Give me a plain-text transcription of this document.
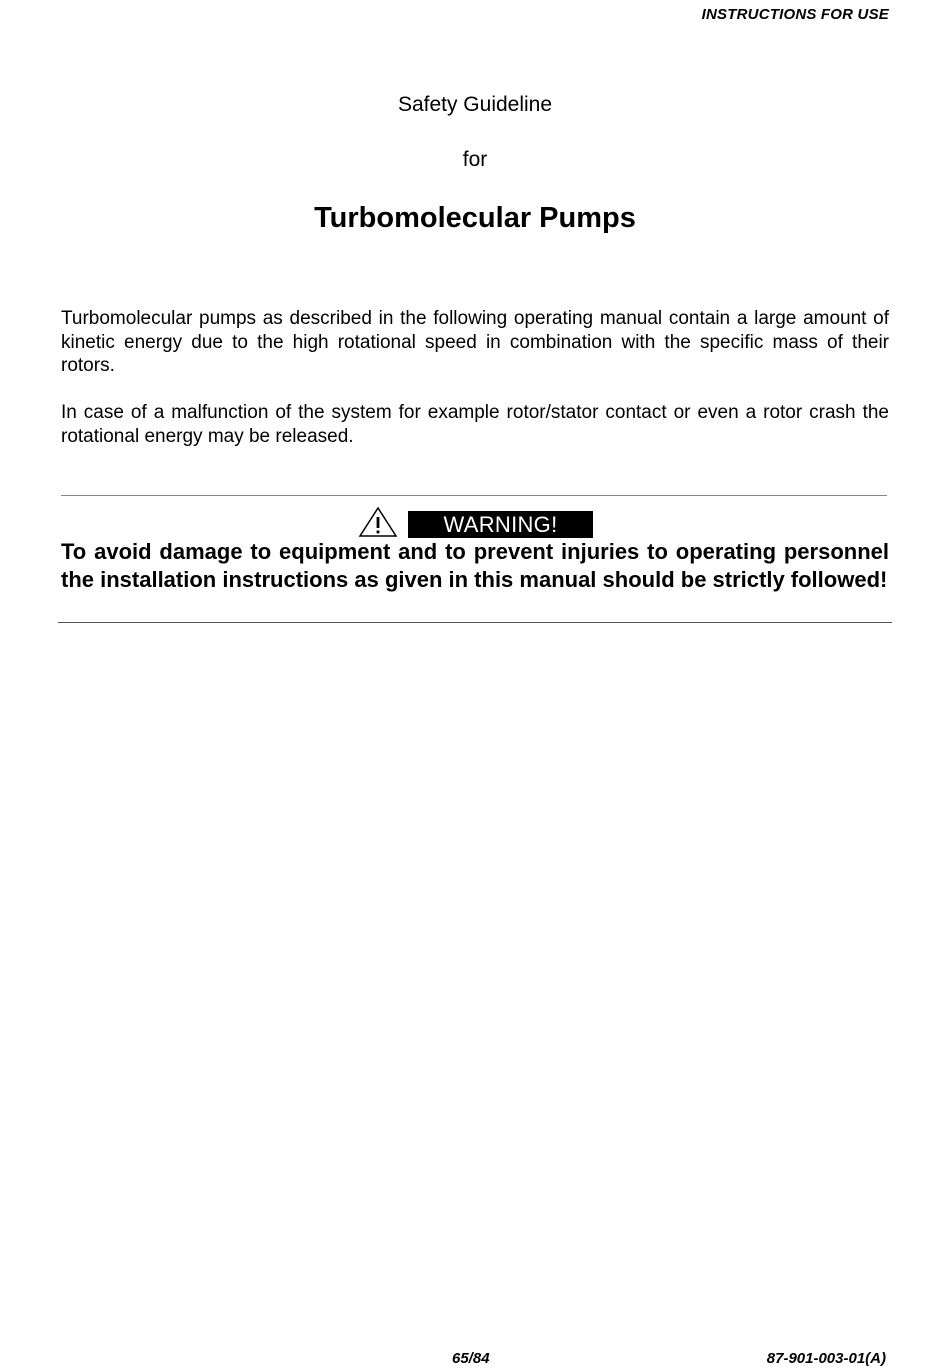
INSTRUCTIONS FOR USE
Safety Guideline
for
Turbomolecular Pumps
Turbomolecular pumps as described in the following operating manual contain a large amount of kinetic energy due to the high rotational speed in combination with the specific mass of their rotors.
In case of a malfunction of the system for example rotor/stator contact or even a rotor crash the rotational energy may be released.
WARNING!
To avoid damage to equipment and to prevent injuries to operating personnel the installation instructions as given in this manual should be strictly followed!
65/84	87-901-003-01(A)
